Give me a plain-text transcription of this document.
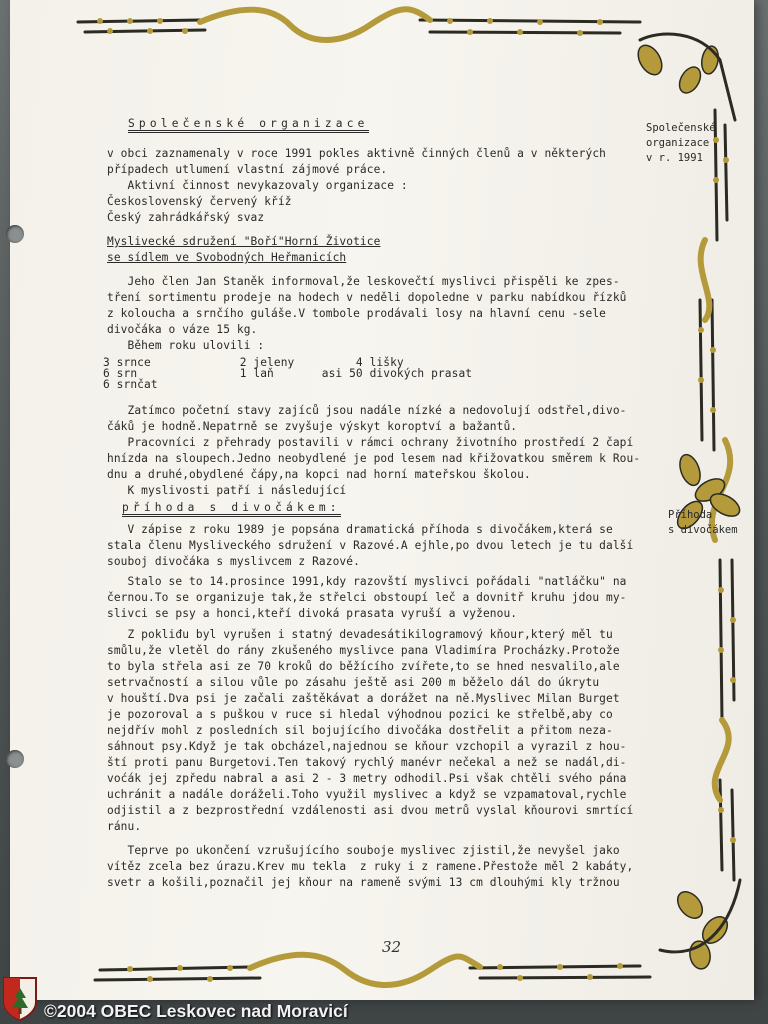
Společenské organizace	Společenské
organizace
v r. 1991
Příhoda
s divočákem
v obci zaznamenaly v roce 1991 pokles aktivně činných členů a v některých
případech utlumení vlastní zájmové práce.
Aktivní činnost nevykazovaly organizace :
Československý červený kříž
Český zahrádkářský svaz
Myslivecké sdružení "Boří"Horní Životice
se sídlem ve Svobodných Heřmanicích
Jeho člen Jan Staněk informoval,že leskovečtí myslivci přispěli ke zpes-
tření sortimentu prodeje na hodech v neděli dopoledne v parku nabídkou řízků
z koloucha a srnčího guláše.V tombole prodávali losy na hlavní cenu -sele
divočáka o váze 15 kg.
Během roku ulovili :
3 srnce             2 jeleny         4 lišky
6 srn               1 laň       asi 50 divokých prasat
6 srnčat
Zatímco početní stavy zajíců jsou nadále nízké a nedovolují odstřel,divo-
čáků je hodně.Nepatrně se zvyšuje výskyt koroptví a bažantů.
Pracovníci z přehrady postavili v rámci ochrany životního prostředí 2 čapí
hnízda na sloupech.Jedno neobydlené je pod lesem nad křižovatkou směrem k Rou-
dnu a druhé,obydlené čápy,na kopci nad horní mateřskou školou.
K myslivosti patří i následující
příhoda s divočákem:
V zápise z roku 1989 je popsána dramatická příhoda s divočákem,která se
stala členu Mysliveckého sdružení v Razové.A ejhle,po dvou letech je tu další
souboj divočáka s myslivcem z Razové.
Stalo se to 14.prosince 1991,kdy razovští myslivci pořádali "natláčku" na
černou.To se organizuje tak,že střelci obstoupí leč a dovnitř kruhu jdou my-
slivci se psy a honci,kteří divoká prasata vyruší a vyženou.
Z pokliđu byl vyrušen i statný devadesátikilogramový kňour,který měl tu
smůlu,že vletěl do rány zkušeného myslivce pana Vladimíra Procházky.Protože
to byla střela asi ze 70 kroků do běžícího zvířete,to se hned nesvalilo,ale
setrvačností a silou vůle po zásahu ještě asi 200 m běželo dál do úkrytu
v houští.Dva psi je začali zaštěkávat a dorážet na ně.Myslivec Milan Burget
je pozoroval a s puškou v ruce si hledal výhodnou pozici ke střelbě,aby co
nejdřív mohl z posledních sil bojujícího divočáka dostřelit a přitom neza-
sáhnout psy.Když je tak obcházel,najednou se kňour vzchopil a vyrazil z hou-
ští proti panu Burgetovi.Ten takový rychlý manévr nečekal a než se nadál,di-
voćák jej zpředu nabral a asi 2 - 3 metry odhodil.Psi však chtěli svého pána
uchránit a nadále doráželi.Toho využil myslivec a když se vzpamatoval,rychle
odjistil a z bezprostřední vzdálenosti asi dvou metrů vyslal kňourovi smrtící
ránu.
Teprve po ukončení vzrušujícího souboje myslivec zjistil,že nevyšel jako
vítěz zcela bez úrazu.Krev mu tekla  z ruky i z ramene.Přestože měl 2 kabáty,
svetr a košili,poznačil jej kňour na rameně svými 13 cm dlouhými kly tržnou
32
©2004 OBEC Leskovec nad Moravicí
